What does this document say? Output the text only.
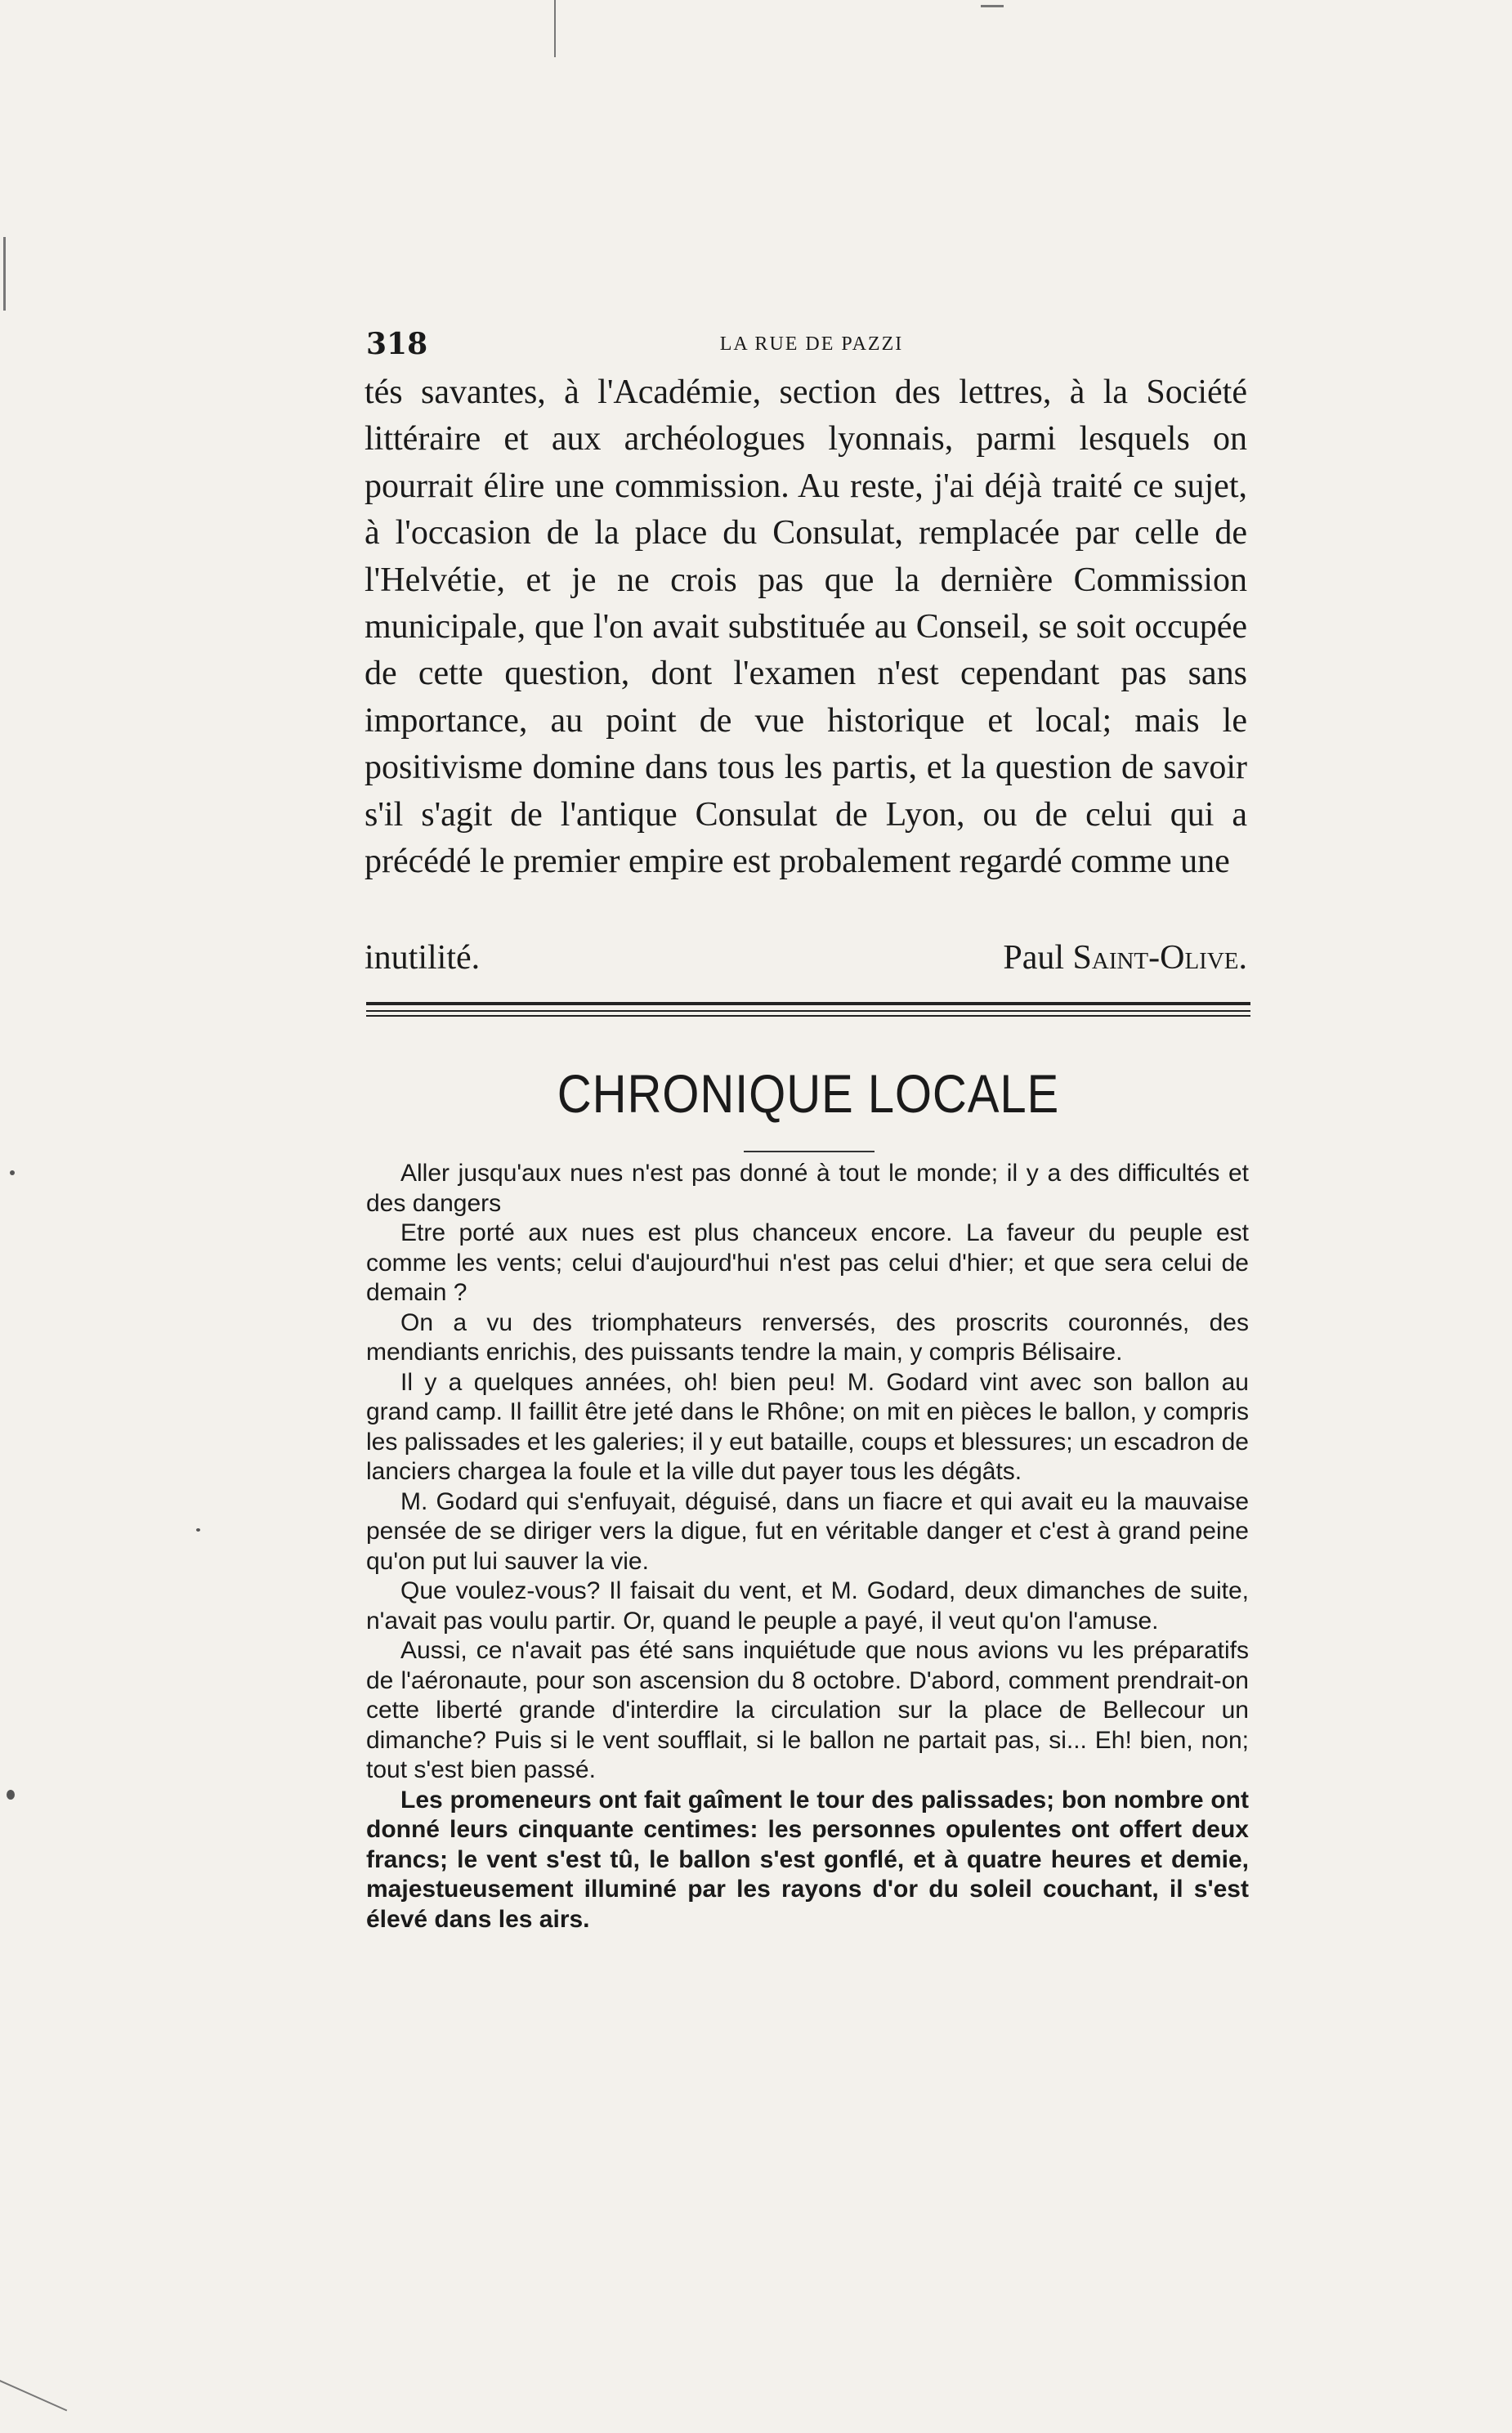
318	LA RUE DE PAZZI

tés savantes, à l'Académie, section des lettres, à la Société littéraire et aux archéologues lyonnais, parmi lesquels on pourrait élire une commission. Au reste, j'ai déjà traité ce sujet, à l'occasion de la place du Consulat, remplacée par celle de l'Helvétie, et je ne crois pas que la dernière Commission municipale, que l'on avait substituée au Conseil, se soit occupée de cette question, dont l'examen n'est cependant pas sans importance, au point de vue historique et local; mais le positivisme domine dans tous les partis, et la question de savoir s'il s'agit de l'antique Consulat de Lyon, ou de celui qui a précédé le premier empire est probalement regardé comme une

inutilité.	Paul Saint-Olive.
CHRONIQUE LOCALE

Aller jusqu'aux nues n'est pas donné à tout le monde; il y a des difficultés et des dangers

Etre porté aux nues est plus chanceux encore. La faveur du peuple est comme les vents; celui d'aujourd'hui n'est pas celui d'hier; et que sera celui de demain ?

On a vu des triomphateurs renversés, des proscrits couronnés, des mendiants enrichis, des puissants tendre la main, y compris Bélisaire.

Il y a quelques années, oh! bien peu! M. Godard vint avec son ballon au grand camp. Il faillit être jeté dans le Rhône; on mit en pièces le ballon, y compris les palissades et les galeries; il y eut bataille, coups et blessures; un escadron de lanciers chargea la foule et la ville dut payer tous les dégâts.

M. Godard qui s'enfuyait, déguisé, dans un fiacre et qui avait eu la mauvaise pensée de se diriger vers la digue, fut en véritable danger et c'est à grand peine qu'on put lui sauver la vie.

Que voulez-vous? Il faisait du vent, et M. Godard, deux dimanches de suite, n'avait pas voulu partir. Or, quand le peuple a payé, il veut qu'on l'amuse.

Aussi, ce n'avait pas été sans inquiétude que nous avions vu les préparatifs de l'aéronaute, pour son ascension du 8 octobre. D'abord, comment prendrait-on cette liberté grande d'interdire la circulation sur la place de Bellecour un dimanche? Puis si le vent soufflait, si le ballon ne partait pas, si... Eh! bien, non; tout s'est bien passé.

Les promeneurs ont fait gaîment le tour des palissades; bon nombre ont donné leurs cinquante centimes: les personnes opulentes ont offert deux francs; le vent s'est tû, le ballon s'est gonflé, et à quatre heures et demie, majestueusement illuminé par les rayons d'or du soleil couchant, il s'est élevé dans les airs.
